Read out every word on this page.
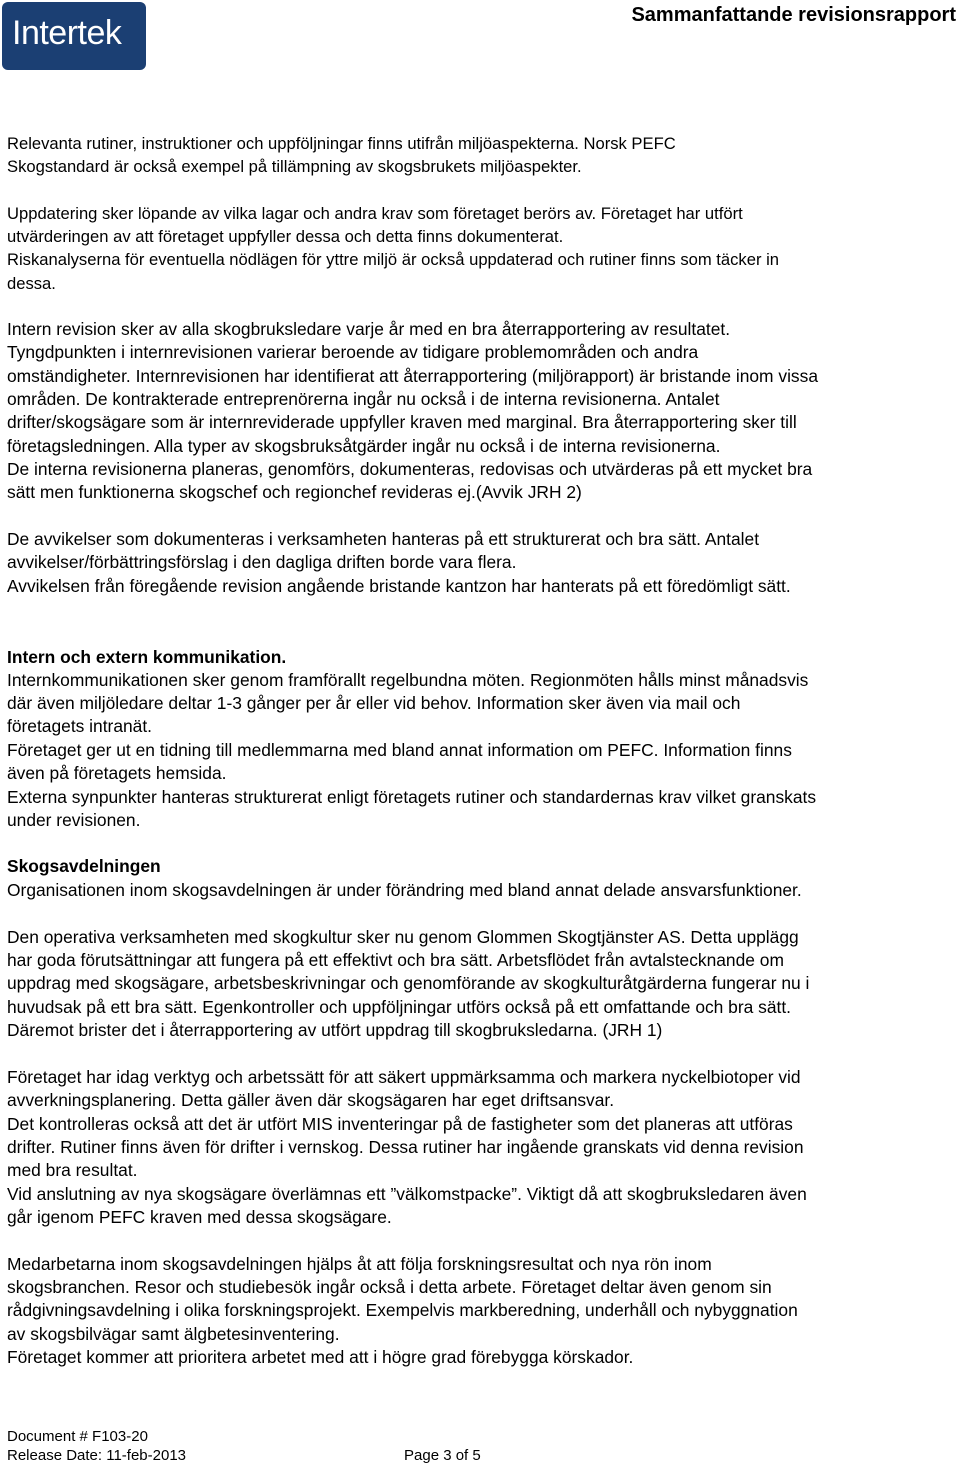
Intertek	Sammanfattande revisionsrapport
Relevanta rutiner, instruktioner och uppföljningar finns utifrån miljöaspekterna. Norsk PEFC
Skogstandard är också exempel på tillämpning av skogsbrukets miljöaspekter.
Uppdatering sker löpande av vilka lagar och andra krav som företaget berörs av. Företaget har utfört
utvärderingen av att företaget uppfyller dessa och detta finns dokumenterat.
Riskanalyserna för eventuella nödlägen för yttre miljö är också uppdaterad och rutiner finns som täcker in
dessa.
Intern revision sker av alla skogbruksledare varje år med en bra återrapportering av resultatet.
Tyngdpunkten i internrevisionen varierar beroende av tidigare problemområden och andra
omständigheter. Internrevisionen har identifierat att återrapportering (miljörapport) är bristande inom vissa
områden. De kontrakterade entreprenörerna ingår nu också i de interna revisionerna. Antalet
drifter/skogsägare som är internreviderade uppfyller kraven med marginal. Bra återrapportering sker till
företagsledningen. Alla typer av skogsbruksåtgärder ingår nu också i de interna revisionerna.
De interna revisionerna planeras, genomförs, dokumenteras, redovisas och utvärderas på ett mycket bra
sätt men funktionerna skogschef och regionchef revideras ej.(Avvik JRH 2)
De avvikelser som dokumenteras i verksamheten hanteras på ett strukturerat och bra sätt. Antalet
avvikelser/förbättringsförslag i den dagliga driften borde vara flera.
Avvikelsen från föregående revision angående bristande kantzon har hanterats på ett föredömligt sätt.
Intern och extern kommunikation.
Internkommunikationen sker genom framförallt regelbundna möten. Regionmöten hålls minst månadsvis
där även miljöledare deltar 1-3 gånger per år eller vid behov. Information sker även via mail och
företagets intranät.
Företaget ger ut en tidning till medlemmarna med bland annat information om PEFC. Information finns
även på företagets hemsida.
Externa synpunkter hanteras strukturerat enligt företagets rutiner och standardernas krav vilket granskats
under revisionen.
Skogsavdelningen
Organisationen inom skogsavdelningen är under förändring med bland annat delade ansvarsfunktioner.
Den operativa verksamheten med skogkultur sker nu genom Glommen Skogtjänster AS. Detta upplägg
har goda förutsättningar att fungera på ett effektivt och bra sätt. Arbetsflödet från avtalstecknande om
uppdrag med skogsägare, arbetsbeskrivningar och genomförande av skogkulturåtgärderna fungerar nu i
huvudsak på ett bra sätt. Egenkontroller och uppföljningar utförs också på ett omfattande och bra sätt.
Däremot brister det i återrapportering av utfört uppdrag till skogbruksledarna. (JRH 1)
Företaget har idag verktyg och arbetssätt för att säkert uppmärksamma och markera nyckelbiotoper vid
avverkningsplanering. Detta gäller även där skogsägaren har eget driftsansvar.
Det kontrolleras också att det är utfört MIS inventeringar på de fastigheter som det planeras att utföras
drifter. Rutiner finns även för drifter i vernskog. Dessa rutiner har ingående granskats vid denna revision
med bra resultat.
Vid anslutning av nya skogsägare överlämnas ett ”välkomstpacke”. Viktigt då att skogbruksledaren även
går igenom PEFC kraven med dessa skogsägare.
Medarbetarna inom skogsavdelningen hjälps åt att följa forskningsresultat och nya rön inom
skogsbranchen. Resor och studiebesök ingår också i detta arbete. Företaget deltar även genom sin
rådgivningsavdelning i olika forskningsprojekt. Exempelvis markberedning, underhåll och nybyggnation
av skogsbilvägar samt älgbetesinventering.
Företaget kommer att prioritera arbetet med att i högre grad förebygga körskador.
Document # F103-20
Release Date: 11-feb-2013	Page 3 of 5
